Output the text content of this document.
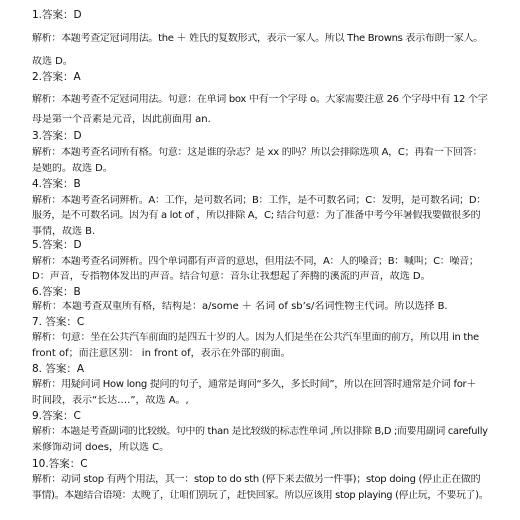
1.答案：D
解析：本题考查定冠词用法。the ＋ 姓氏的复数形式，表示一家人。所以 The Browns 表示布朗一家人。
故选 D。
2.答案：A
解析：本题考查不定冠词用法。句意：在单词 box 中有一个字母 o。大家需要注意 26 个字母中有 12 个字
母是第一个音素是元音，因此前面用 an.
3.答案：D
解析：本题考查名词所有格。句意：这是谁的杂志？是 xx 的吗？所以会排除选项 A，C；再看一下回答：
是她的。故选 D。
4.答案：B
解析：本题考查名词辨析。A：工作，是可数名词；B：工作，是不可数名词；C：发明，是可数名词；D：
服务，是不可数名词。因为有 a lot of ，所以排除 A，C; 结合句意：为了准备中考今年暑假我要做很多的
事情，故选 B.
5.答案：D
解析：本题考查名词辨析。四个单词都有声音的意思，但用法不同，A：人的嗓音；B：喊叫；C：噪音；
D：声音，专指物体发出的声音。结合句意：音乐让我想起了奔腾的溪流的声音，故选 D。
6.答案：B
解析：本题考查双重所有格，结构是：a/some ＋ 名词 of sb’s/名词性物主代词。所以选择 B.
7. 答案：C
解析：句意：坐在公共汽车前面的是四五十岁的人。因为人们是坐在公共汽车里面的前方，所以用 in the
front of；而注意区别： in front of，表示在外部的前面。
8. 答案：A
解析：用疑问词 How long 提问的句子，通常是询问“多久，多长时间”，所以在回答时通常是介词 for＋
时间段，表示“长达….”，故选 A。,
9.答案：C
解析：本题是考查副词的比较级。句中的 than 是比较级的标志性单词 ,所以排除 B,D ;而要用副词 carefully
来修饰动词 does，所以选 C。
10.答案：C
解析：动词 stop 有两个用法，其一：stop to do sth (停下来去做另一件事)；stop doing (停止正在做的
事情)。本题结合语境：太晚了，让咱们别玩了，赶快回家。所以应该用 stop playing (停止玩，不要玩了)。
